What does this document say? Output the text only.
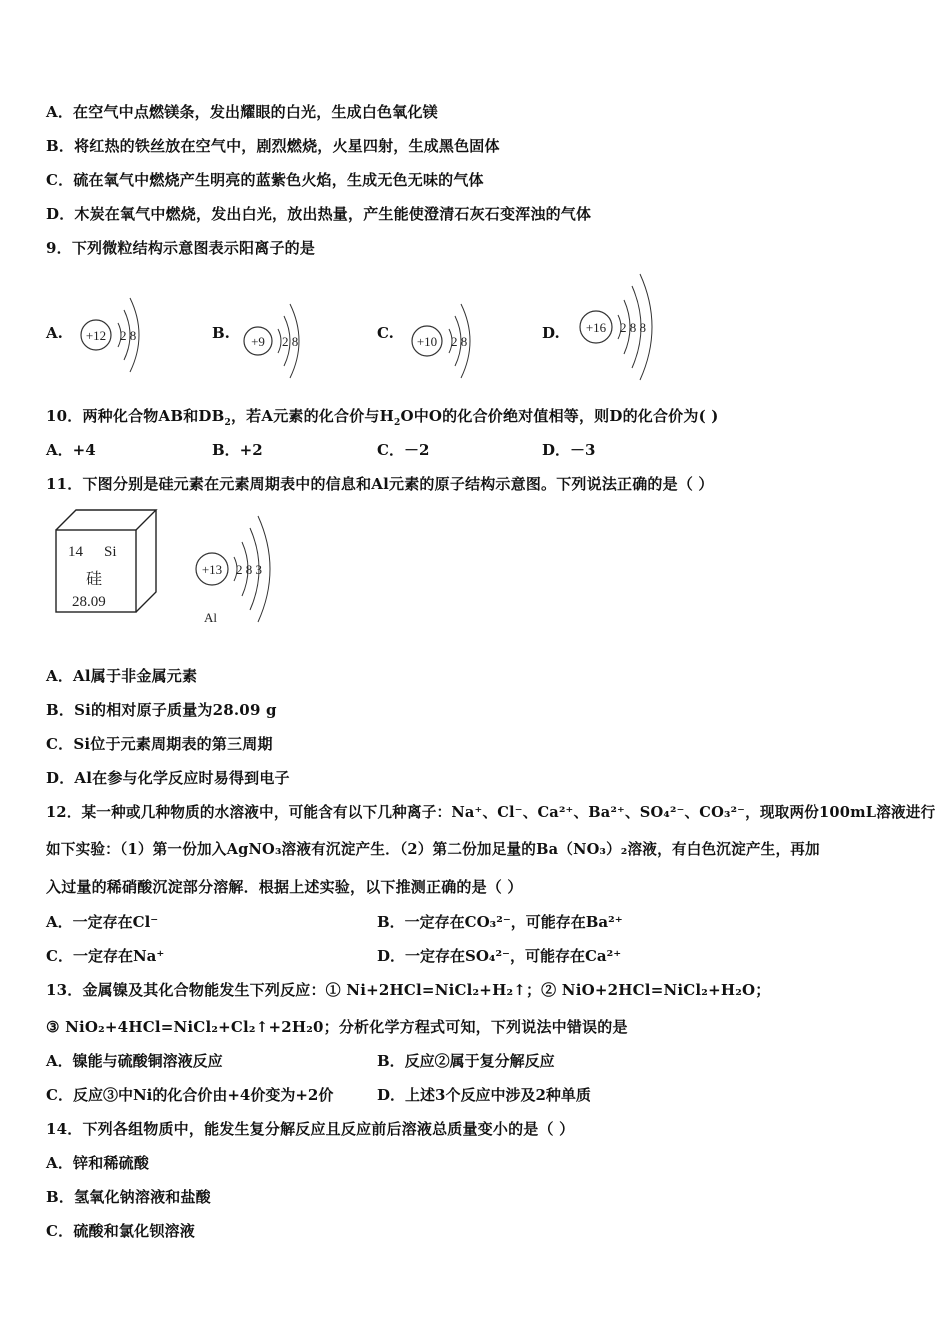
A．在空气中点燃镁条，发出耀眼的白光，生成白色氧化镁
B．将红热的铁丝放在空气中，剧烈燃烧，火星四射，生成黑色固体
C．硫在氧气中燃烧产生明亮的蓝紫色火焰，生成无色无味的气体
D．木炭在氧气中燃烧，发出白光，放出热量，产生能使澄清石灰石变浑浊的气体
9．下列微粒结构示意图表示阳离子的是
A. +12 2 8	B. +9 2 8	C. +10 2 8	D. +16 2 8 8
10．两种化合物AB和$DB_2$，若A元素的化合价与$H_2O$中O的化合价绝对值相等，则D的化合价为( )
A．+4	B．+2	C．－2	D．－3
11．下图分别是硅元素在元素周期表中的信息和Al元素的原子结构示意图。下列说法正确的是（ ）
14 Si
硅
28.09
+13 2 8 3
Al
A．Al属于非金属元素
B．Si的相对原子质量为28.09 g
C．Si位于元素周期表的第三周期
D．Al在参与化学反应时易得到电子
12．某一种或几种物质的水溶液中，可能含有以下几种离子：Na⁺、Cl⁻、Ca²⁺、Ba²⁺、SO₄²⁻、CO₃²⁻，现取两份100mL溶液进行
如下实验：（1）第一份加入AgNO₃溶液有沉淀产生．（2）第二份加足量的Ba（NO₃）₂溶液，有白色沉淀产生，再加
入过量的稀硝酸沉淀部分溶解．根据上述实验，以下推测正确的是（ ）
A．一定存在Cl⁻	B．一定存在CO₃²⁻，可能存在Ba²⁺
C．一定存在Na⁺	D．一定存在SO₄²⁻，可能存在Ca²⁺
13．金属镍及其化合物能发生下列反应：① Ni+2HCl=NiCl₂+H₂↑；② NiO+2HCl=NiCl₂+H₂O；
③ NiO₂+4HCl=NiCl₂+Cl₂↑+2H₂0；分析化学方程式可知，下列说法中错误的是
A．镍能与硫酸铜溶液反应	B．反应②属于复分解反应
C．反应③中Ni的化合价由+4价变为+2价	D．上述3个反应中涉及2种单质
14．下列各组物质中，能发生复分解反应且反应前后溶液总质量变小的是（ ）
A．锌和稀硫酸
B．氢氧化钠溶液和盐酸
C．硫酸和氯化钡溶液
